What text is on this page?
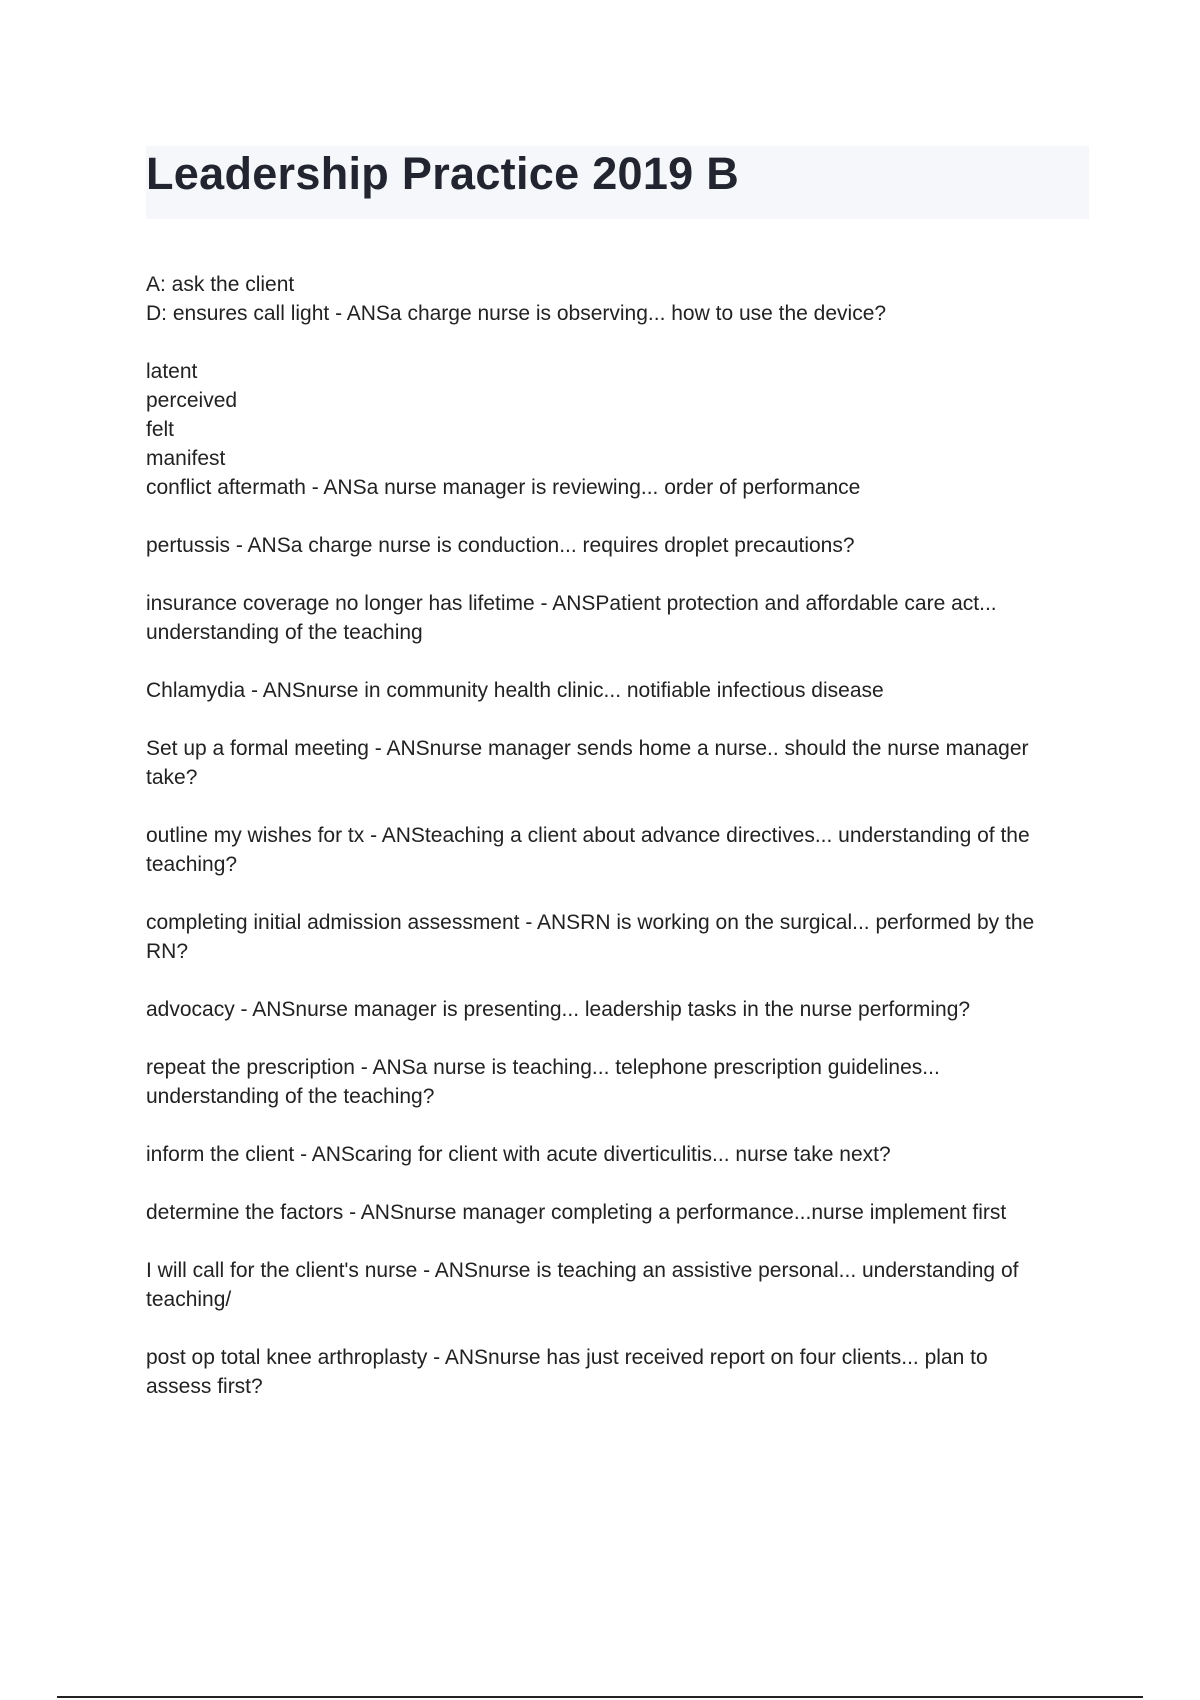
Leadership Practice 2019 B
A: ask the client
D: ensures call light - ANSa charge nurse is observing... how to use the device?
latent
perceived
felt
manifest
conflict aftermath - ANSa nurse manager is reviewing... order of performance
pertussis - ANSa charge nurse is conduction... requires droplet precautions?
insurance coverage no longer has lifetime - ANSPatient protection and affordable care act...
understanding of the teaching
Chlamydia - ANSnurse in community health clinic... notifiable infectious disease
Set up a formal meeting - ANSnurse manager sends home a nurse.. should the nurse manager
take?
outline my wishes for tx - ANSteaching a client about advance directives... understanding of the
teaching?
completing initial admission assessment - ANSRN is working on the surgical... performed by the
RN?
advocacy - ANSnurse manager is presenting... leadership tasks in the nurse performing?
repeat the prescription - ANSa nurse is teaching... telephone prescription guidelines...
understanding of the teaching?
inform the client - ANScaring for client with acute diverticulitis... nurse take next?
determine the factors - ANSnurse manager completing a performance...nurse implement first
I will call for the client's nurse - ANSnurse is teaching an assistive personal... understanding of
teaching/
post op total knee arthroplasty - ANSnurse has just received report on four clients... plan to
assess first?
